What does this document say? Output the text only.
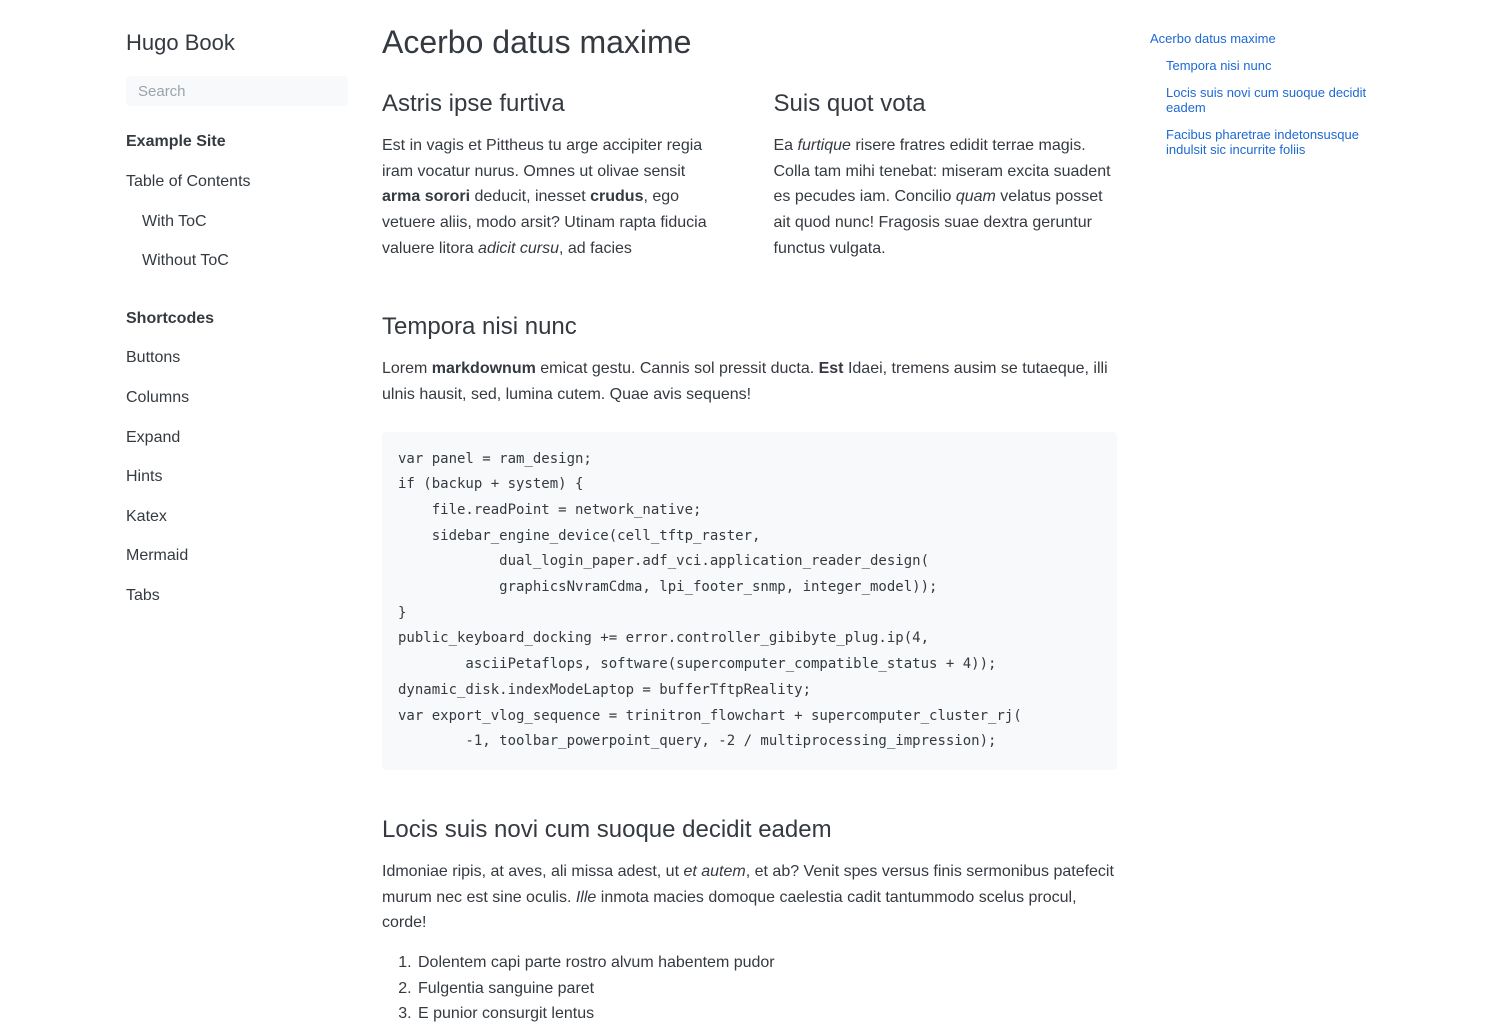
Hugo Book
Search
Example Site
Table of Contents
With ToC
Without ToC
Shortcodes
Buttons
Columns
Expand
Hints
Katex
Mermaid
Tabs
Acerbo datus maxime
Astris ipse furtiva

Est in vagis et Pittheus tu arge accipiter regia iram vocatur nurus. Omnes ut olivae sensit arma sorori deducit, inesset crudus, ego vetuere aliis, modo arsit? Utinam rapta fiducia valuere litora adicit cursu, ad facies

Suis quot vota

Ea furtique risere fratres edidit terrae magis. Colla tam mihi tenebat: miseram excita suadent es pecudes iam. Concilio quam velatus posset ait quod nunc! Fragosis suae dextra geruntur functus vulgata.

Tempora nisi nunc

Lorem markdownum emicat gestu. Cannis sol pressit ducta. Est Idaei, tremens ausim se tutaeque, illi ulnis hausit, sed, lumina cutem. Quae avis sequens!

var panel = ram_design;
if (backup + system) {
file.readPoint = network_native;
sidebar_engine_device(cell_tftp_raster,
dual_login_paper.adf_vci.application_reader_design(
graphicsNvramCdma, lpi_footer_snmp, integer_model));
}
public_keyboard_docking += error.controller_gibibyte_plug.ip(4,
asciiPetaflops, software(supercomputer_compatible_status + 4));
dynamic_disk.indexModeLaptop = bufferTftpReality;
var export_vlog_sequence = trinitron_flowchart + supercomputer_cluster_rj(
-1, toolbar_powerpoint_query, -2 / multiprocessing_impression);
Locis suis novi cum suoque decidit eadem

Idmoniae ripis, at aves, ali missa adest, ut et autem, et ab? Venit spes versus finis sermonibus patefecit murum nec est sine oculis. Ille inmota macies domoque caelestia cadit tantummodo scelus procul, corde!

1. Dolentem capi parte rostro alvum habentem pudor
2. Fulgentia sanguine paret
3. E punior consurgit lentus
Acerbo datus maxime
Tempora nisi nunc
Locis suis novi cum suoque decidit eadem
Facibus pharetrae indetonsusque indulsit sic incurrite foliis
